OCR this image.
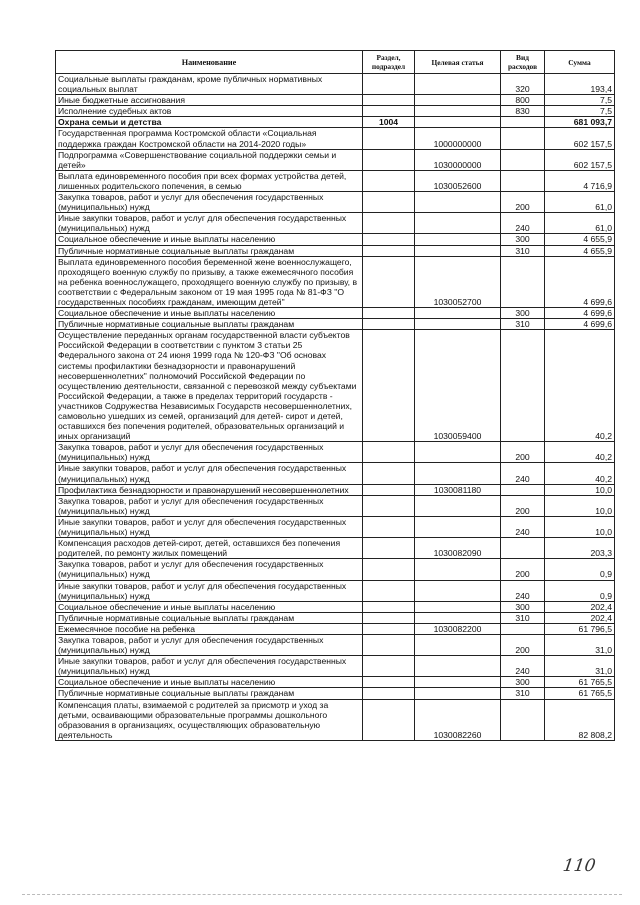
Наименование	Раздел, подраздел	Целевая статья	Вид расходов	Сумма
Социальные выплаты гражданам, кроме публичных нормативных социальных выплат			320	193,4
Иные бюджетные ассигнования			800	7,5
Исполнение судебных актов			830	7,5
Охрана семьи и детства	1004			681 093,7
Государственная программа Костромской области «Социальная поддержка граждан Костромской области на 2014-2020 годы»		1000000000		602 157,5
Подпрограмма «Совершенствование социальной поддержки семьи и детей»		1030000000		602 157,5
Выплата единовременного пособия при всех формах устройства детей, лишенных родительского попечения, в семью		1030052600		4 716,9
Закупка товаров, работ и услуг для обеспечения государственных (муниципальных) нужд			200	61,0
Иные закупки товаров, работ и услуг для обеспечения государственных (муниципальных) нужд			240	61,0
Социальное обеспечение и иные выплаты населению			300	4 655,9
Публичные нормативные социальные выплаты гражданам			310	4 655,9
Выплата единовременного пособия беременной жене военнослужащего, проходящего военную службу по призыву, а также ежемесячного пособия на ребенка военнослужащего, проходящего военную службу по призыву, в соответствии с Федеральным законом от 19 мая 1995 года № 81-ФЗ "О государственных пособиях гражданам, имеющим детей"		1030052700		4 699,6
Социальное обеспечение и иные выплаты населению			300	4 699,6
Публичные нормативные социальные выплаты гражданам			310	4 699,6
Осуществление переданных органам государственной власти субъектов Российской Федерации в соответствии с пунктом 3 статьи 25 Федерального закона от 24 июня 1999 года № 120-ФЗ "Об основах системы профилактики безнадзорности и правонарушений несовершеннолетних" полномочий Российской Федерации по осуществлению деятельности, связанной с перевозкой между субъектами Российской Федерации, а также в пределах территорий государств - участников Содружества Независимых Государств несовершеннолетних, самовольно ушедших из семей, организаций для детей- сирот и детей, оставшихся без попечения родителей, образовательных организаций и иных организаций		1030059400		40,2
Закупка товаров, работ и услуг для обеспечения государственных (муниципальных) нужд			200	40,2
Иные закупки товаров, работ и услуг для обеспечения государственных (муниципальных) нужд			240	40,2
Профилактика безнадзорности и правонарушений несовершеннолетних		1030081180		10,0
Закупка товаров, работ и услуг для обеспечения государственных (муниципальных) нужд			200	10,0
Иные закупки товаров, работ и услуг для обеспечения государственных (муниципальных) нужд			240	10,0
Компенсация расходов детей-сирот, детей, оставшихся без попечения родителей, по ремонту жилых помещений		1030082090		203,3
Закупка товаров, работ и услуг для обеспечения государственных (муниципальных) нужд			200	0,9
Иные закупки товаров, работ и услуг для обеспечения государственных (муниципальных) нужд			240	0,9
Социальное обеспечение и иные выплаты населению			300	202,4
Публичные нормативные социальные выплаты гражданам			310	202,4
Ежемесячное пособие на ребенка		1030082200		61 796,5
Закупка товаров, работ и услуг для обеспечения государственных (муниципальных) нужд			200	31,0
Иные закупки товаров, работ и услуг для обеспечения государственных (муниципальных) нужд			240	31,0
Социальное обеспечение и иные выплаты населению			300	61 765,5
Публичные нормативные социальные выплаты гражданам			310	61 765,5
Компенсация платы, взимаемой с родителей за присмотр и уход за детьми, осваивающими образовательные программы дошкольного образования в организациях, осуществляющих образовательную деятельность		1030082260		82 808,2
110
